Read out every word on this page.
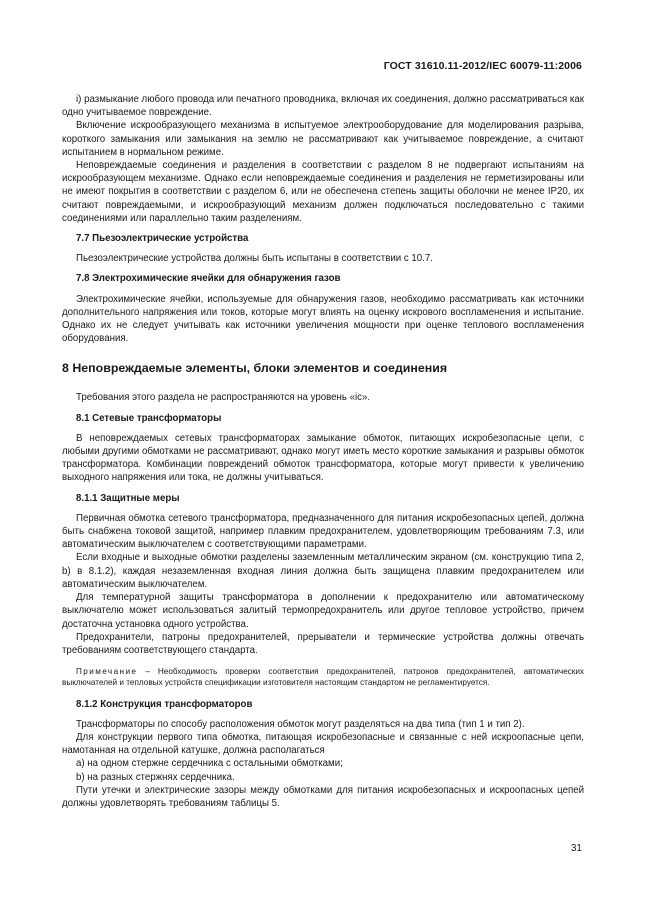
ГОСТ 31610.11-2012/IEC 60079-11:2006

i) размыкание любого провода или печатного проводника, включая их соединения, должно рассматриваться как одно учитываемое повреждение.

Включение искрообразующего механизма в испытуемое электрооборудование для моделирования разрыва, короткого замыкания или замыкания на землю не рассматривают как учитываемое повреждение, а считают испытанием в нормальном режиме.

Неповреждаемые соединения и разделения в соответствии с разделом 8 не подвергают испытаниям на искрообразующем механизме. Однако если неповреждаемые соединения и разделения не герметизированы или не имеют покрытия в соответствии с разделом 6, или не обеспечена степень защиты оболочки не менее IP20, их считают повреждаемыми, и искрообразующий механизм должен подключаться последовательно с такими соединениями или параллельно таким разделениям.

7.7 Пьезоэлектрические устройства

Пьезоэлектрические устройства должны быть испытаны в соответствии с 10.7.

7.8 Электрохимические ячейки для обнаружения газов

Электрохимические ячейки, используемые для обнаружения газов, необходимо рассматривать как источники дополнительного напряжения или токов, которые могут влиять на оценку искрового воспламенения и испытание. Однако их не следует учитывать как источники увеличения мощности при оценке теплового воспламенения оборудования.

8 Неповреждаемые элементы, блоки элементов и соединения

Требования этого раздела не распространяются на уровень «ic».

8.1 Сетевые трансформаторы

В неповреждаемых сетевых трансформаторах замыкание обмоток, питающих искробезопасные цепи, с любыми другими обмотками не рассматривают, однако могут иметь место короткие замыкания и разрывы обмоток трансформатора. Комбинации повреждений обмоток трансформатора, которые могут привести к увеличению выходного напряжения или тока, не должны учитываться.

8.1.1 Защитные меры

Первичная обмотка сетевого трансформатора, предназначенного для питания искробезопасных цепей, должна быть снабжена токовой защитой, например плавким предохранителем, удовлетворяющим требованиям 7.3, или автоматическим выключателем с соответствующими параметрами.

Если входные и выходные обмотки разделены заземленным металлическим экраном (см. конструкцию типа 2, b) в 8.1.2), каждая незаземленная входная линия должна быть защищена плавким предохранителем или автоматическим выключателем.

Для температурной защиты трансформатора в дополнении к предохранителю или автоматическому выключателю может использоваться залитый термопредохранитель или другое тепловое устройство, причем достаточна установка одного устройства.

Предохранители, патроны предохранителей, прерыватели и термические устройства должны отвечать требованиям соответствующего стандарта.

Примечание – Необходимость проверки соответствия предохранителей, патронов предохранителей, автоматических выключателей и тепловых устройств спецификации изготовителя настоящим стандартом не регламентируется.

8.1.2 Конструкция трансформаторов

Трансформаторы по способу расположения обмоток могут разделяться на два типа (тип 1 и тип 2).

Для конструкции первого типа обмотка, питающая искробезопасные и связанные с ней искроопасные цепи, намотанная на отдельной катушке, должна располагаться

a) на одном стержне сердечника с остальными обмотками;

b) на разных стержнях сердечника.

Пути утечки и электрические зазоры между обмотками для питания искробезопасных и искроопасных цепей должны удовлетворять требованиям таблицы 5.

31
